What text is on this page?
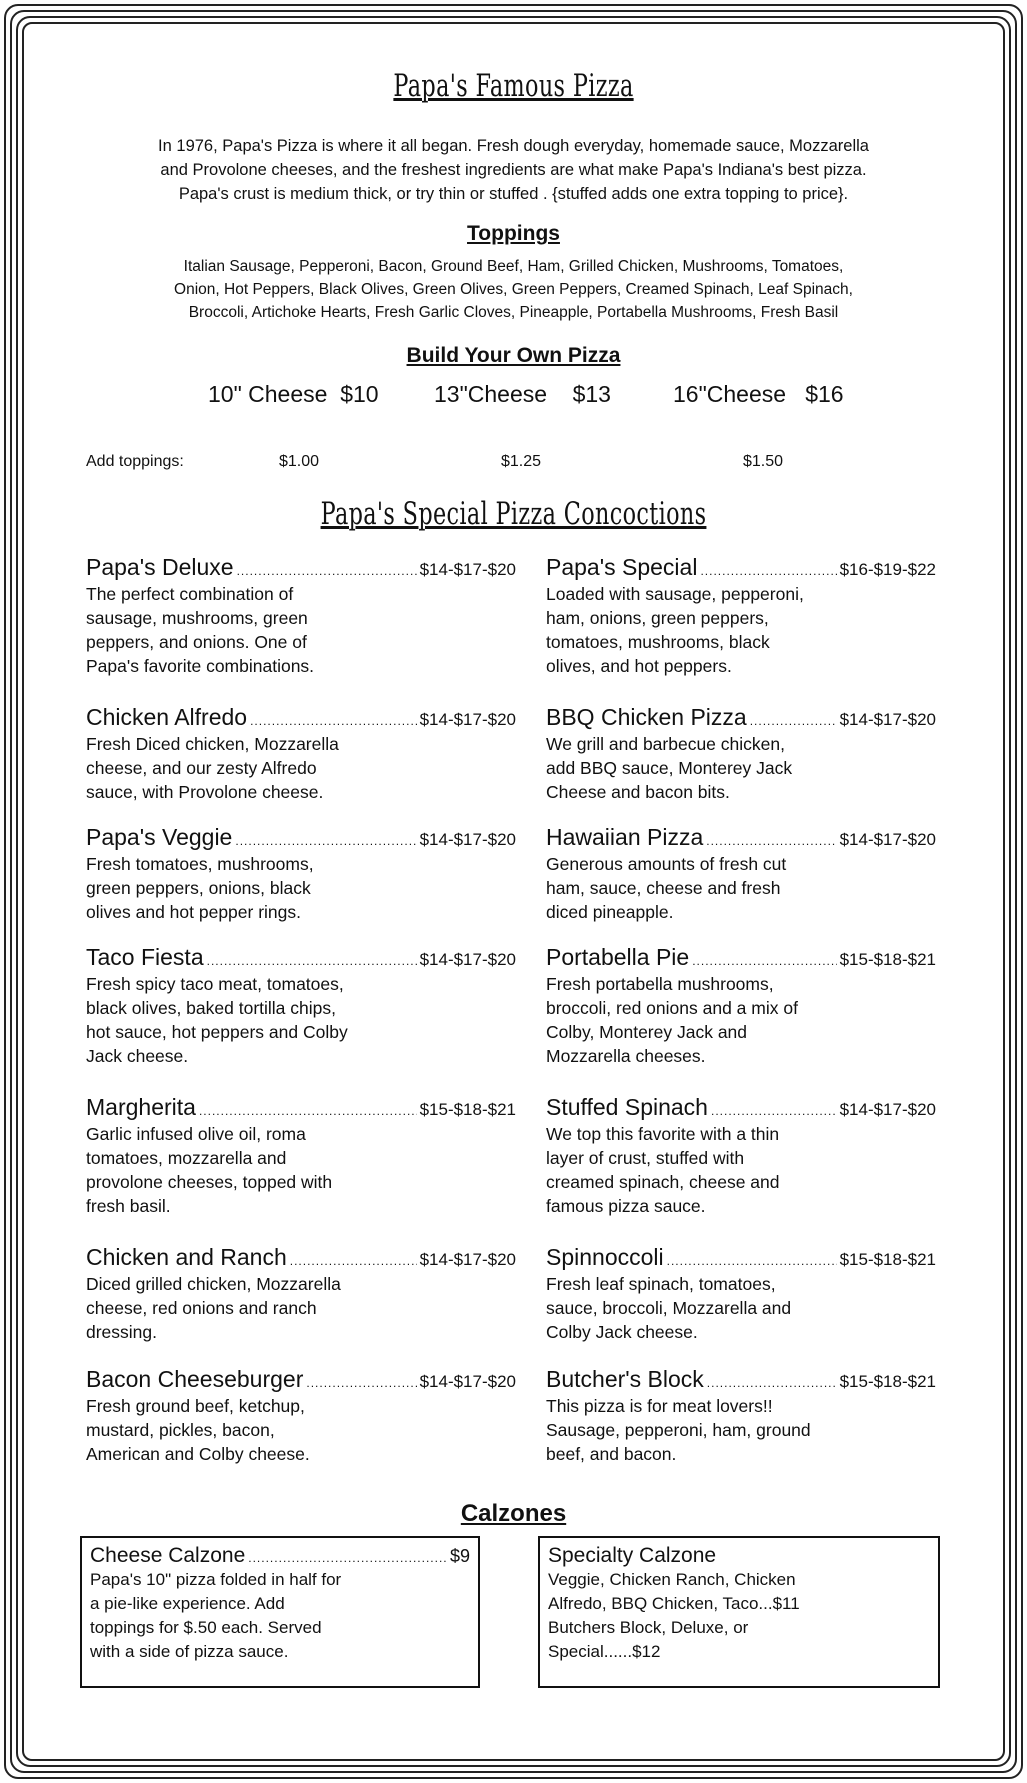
Papa's Famous Pizza
In 1976, Papa's Pizza is where it all began. Fresh dough everyday, homemade sauce, Mozzarella
and Provolone cheeses, and the freshest ingredients are what make Papa's Indiana's best pizza.
Papa's crust is medium thick, or try thin or stuffed . {stuffed adds one extra topping to price}.
Toppings
Italian Sausage, Pepperoni, Bacon, Ground Beef, Ham, Grilled Chicken, Mushrooms, Tomatoes,
Onion, Hot Peppers, Black Olives, Green Olives, Green Peppers, Creamed Spinach, Leaf Spinach,
Broccoli, Artichoke Hearts, Fresh Garlic Cloves, Pineapple, Portabella Mushrooms, Fresh Basil
Build Your Own Pizza
10" Cheese $10 13"Cheese $13	16"Cheese $16
Add toppings:	$1.00	$1.25	$1.50
Papa's Special Pizza Concoctions
Papa's Deluxe .....	$14-$17-$20
The perfect combination of
sausage, mushrooms, green
peppers, and onions. One of
Papa's favorite combinations.
Chicken Alfredo .....	$14-$17-$20
Fresh Diced chicken, Mozzarella
cheese, and our zesty Alfredo
sauce, with Provolone cheese.
Papa's Veggie .....	$14-$17-$20
Fresh tomatoes, mushrooms,
green peppers, onions, black
olives and hot pepper rings.
Taco Fiesta .....	$14-$17-$20
Fresh spicy taco meat, tomatoes,
black olives, baked tortilla chips,
hot sauce, hot peppers and Colby
Jack cheese.
Margherita .....	$15-$18-$21
Garlic infused olive oil, roma
tomatoes, mozzarella and
provolone cheeses, topped with
fresh basil.
Chicken and Ranch .....	$14-$17-$20
Diced grilled chicken, Mozzarella
cheese, red onions and ranch
dressing.
Bacon Cheeseburger .....	$14-$17-$20
Fresh ground beef, ketchup,
mustard, pickles, bacon,
American and Colby cheese.
Papa's Special .....	$16-$19-$22
Loaded with sausage, pepperoni,
ham, onions, green peppers,
tomatoes, mushrooms, black
olives, and hot peppers.
BBQ Chicken Pizza .....	$14-$17-$20
We grill and barbecue chicken,
add BBQ sauce, Monterey Jack
Cheese and bacon bits.
Hawaiian Pizza .....	$14-$17-$20
Generous amounts of fresh cut
ham, sauce, cheese and fresh
diced pineapple.
Portabella Pie .....	$15-$18-$21
Fresh portabella mushrooms,
broccoli, red onions and a mix of
Colby, Monterey Jack and
Mozzarella cheeses.
Stuffed Spinach .....	$14-$17-$20
We top this favorite with a thin
layer of crust, stuffed with
creamed spinach, cheese and
famous pizza sauce.
Spinnoccoli .....	$15-$18-$21
Fresh leaf spinach, tomatoes,
sauce, broccoli, Mozzarella and
Colby Jack cheese.
Butcher's Block .....	$15-$18-$21
This pizza is for meat lovers!!
Sausage, pepperoni, ham, ground
beef, and bacon.
Calzones
Cheese Calzone .....	$9
Papa's 10" pizza folded in half for
a pie-like experience. Add
toppings for $.50 each. Served
with a side of pizza sauce.
Specialty Calzone
Veggie, Chicken Ranch, Chicken
Alfredo, BBQ Chicken, Taco...$11
Butchers Block, Deluxe, or
Special......$12
